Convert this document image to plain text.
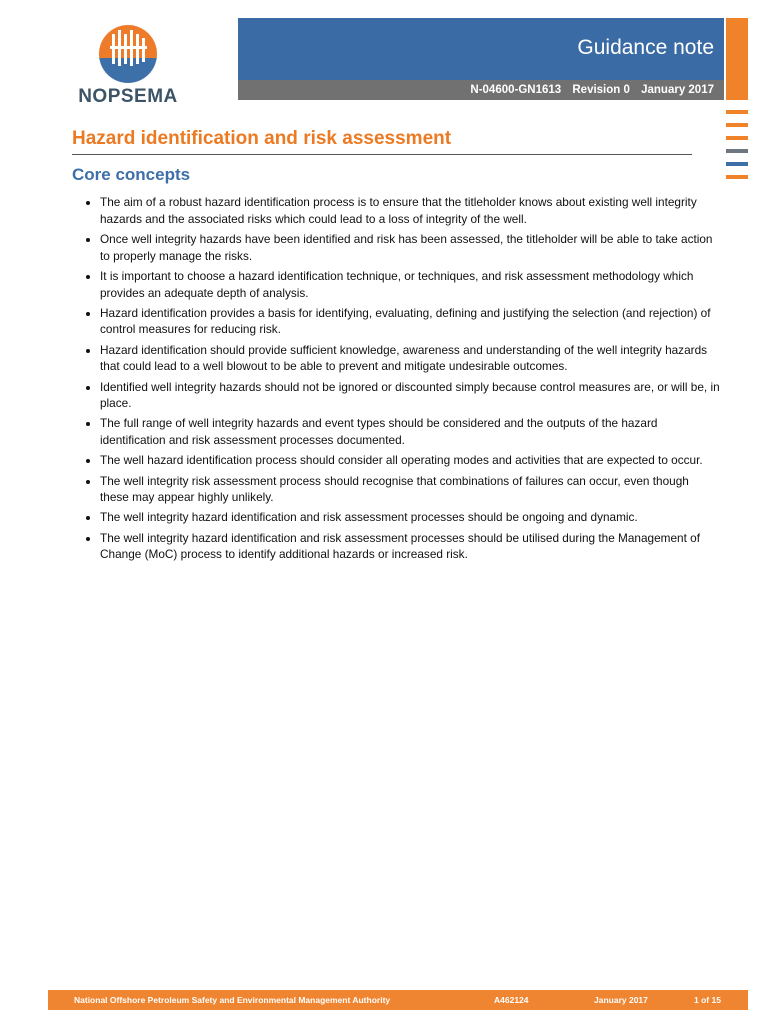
NOPSEMA
Guidance note
N-04600-GN1613 Revision 0 January 2017
Hazard identification and risk assessment
Core concepts
• The aim of a robust hazard identification process is to ensure that the titleholder knows about existing well integrity hazards and the associated risks which could lead to a loss of integrity of the well.
• Once well integrity hazards have been identified and risk has been assessed, the titleholder will be able to take action to properly manage the risks.
• It is important to choose a hazard identification technique, or techniques, and risk assessment methodology which provides an adequate depth of analysis.
• Hazard identification provides a basis for identifying, evaluating, defining and justifying the selection (and rejection) of control measures for reducing risk.
• Hazard identification should provide sufficient knowledge, awareness and understanding of the well integrity hazards that could lead to a well blowout to be able to prevent and mitigate undesirable outcomes.
• Identified well integrity hazards should not be ignored or discounted simply because control measures are, or will be, in place.
• The full range of well integrity hazards and event types should be considered and the outputs of the hazard identification and risk assessment processes documented.
• The well hazard identification process should consider all operating modes and activities that are expected to occur.
• The well integrity risk assessment process should recognise that combinations of failures can occur, even though these may appear highly unlikely.
• The well integrity hazard identification and risk assessment processes should be ongoing and dynamic.
• The well integrity hazard identification and risk assessment processes should be utilised during the Management of Change (MoC) process to identify additional hazards or increased risk.
National Offshore Petroleum Safety and Environmental Management Authority	A462124	January 2017	1 of 15
